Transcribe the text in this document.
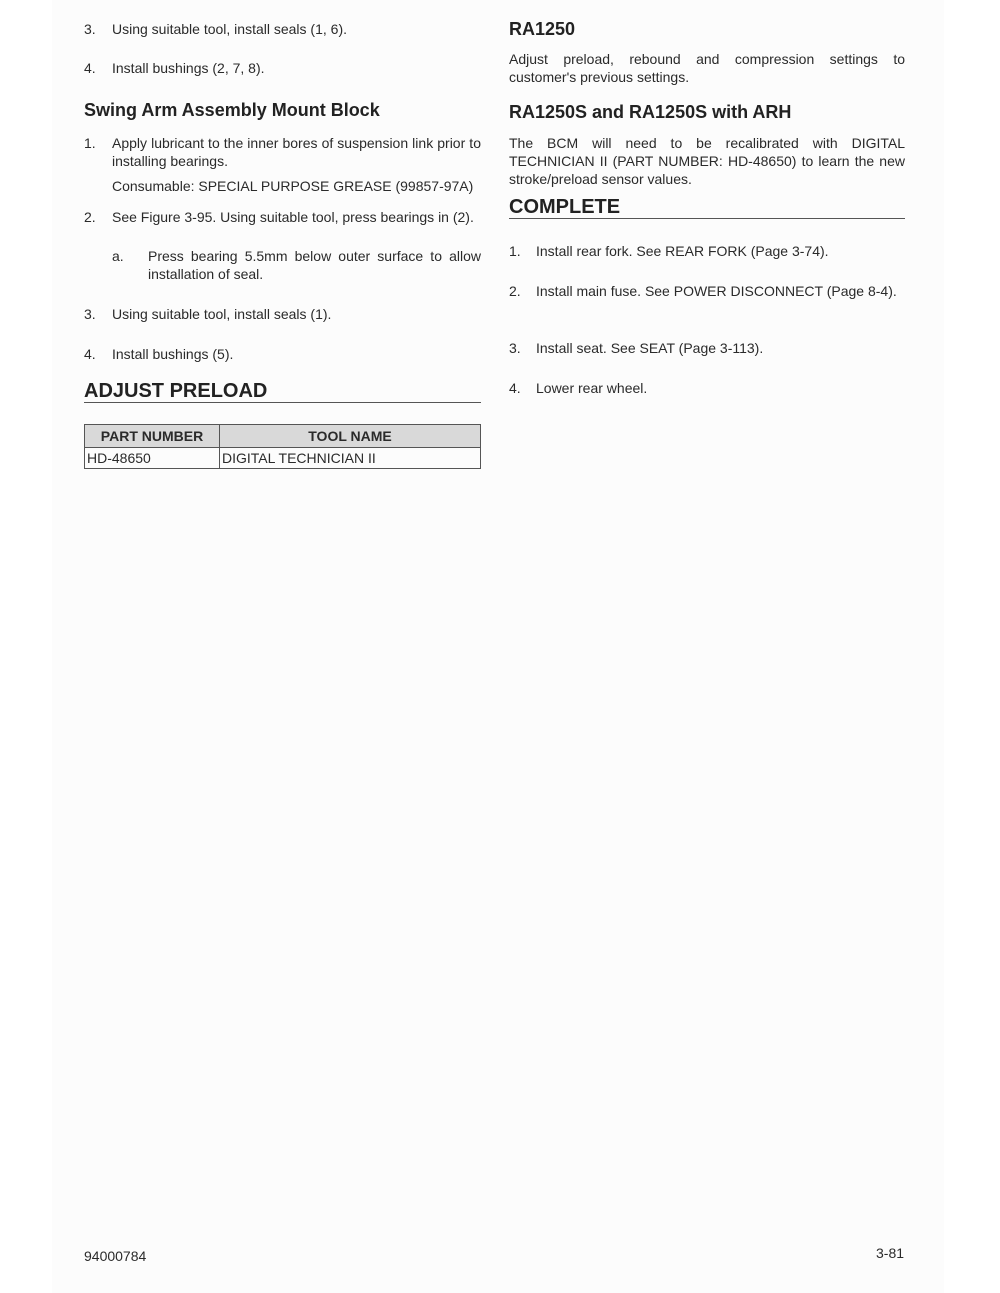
3.	Using suitable tool, install seals (1, 6).
4.	Install bushings (2, 7, 8).
Swing Arm Assembly Mount Block
1.	Apply lubricant to the inner bores of suspension link prior to installing bearings.
Consumable: SPECIAL PURPOSE GREASE (99857-97A)
2.	See Figure 3-95. Using suitable tool, press bearings in (2).
a. Press bearing 5.5mm below outer surface to allow installation of seal.
3.	Using suitable tool, install seals (1).
4.	Install bushings (5).
ADJUST PRELOAD
PART NUMBER	TOOL NAME
HD-48650	DIGITAL TECHNICIAN II
RA1250
Adjust preload, rebound and compression settings to customer's previous settings.
RA1250S and RA1250S with ARH
The BCM will need to be recalibrated with DIGITAL TECHNICIAN II (PART NUMBER: HD-48650) to learn the new stroke/preload sensor values.
COMPLETE
1.	Install rear fork. See REAR FORK (Page 3-74).
2.	Install main fuse. See POWER DISCONNECT (Page 8-4).
3.	Install seat. See SEAT (Page 3-113).
4.	Lower rear wheel.
94000784	3-81
